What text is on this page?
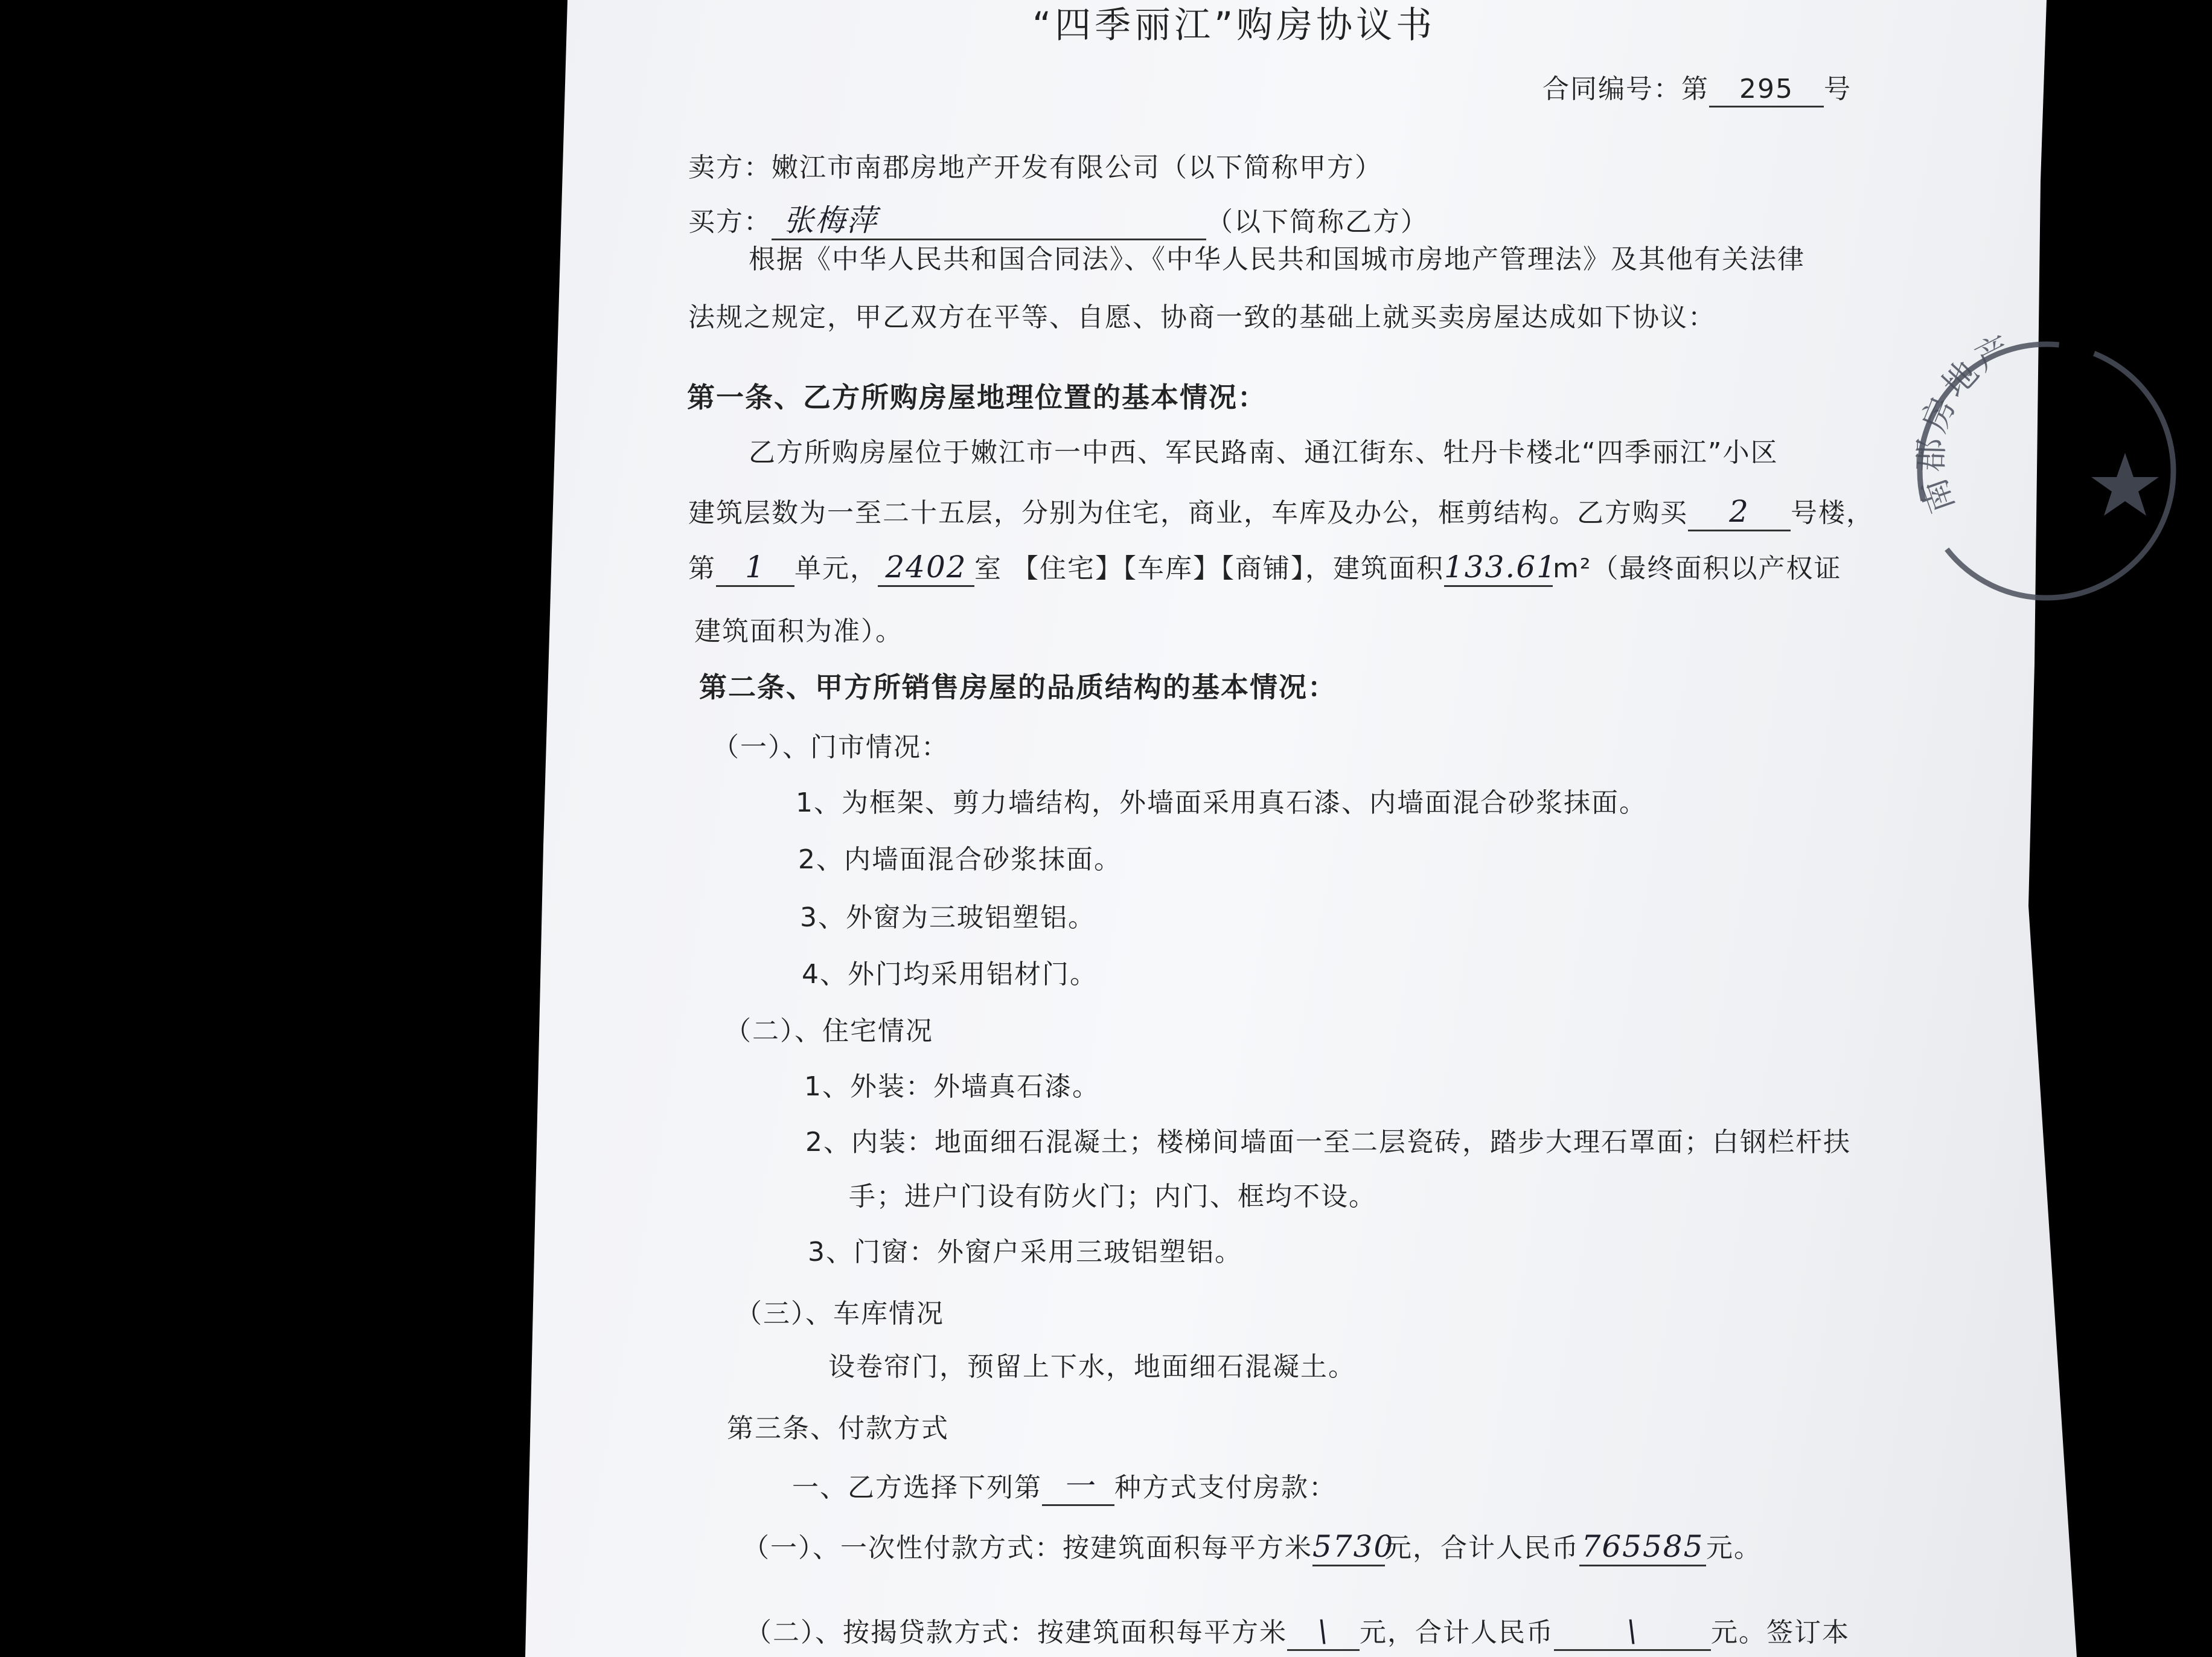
“四季丽江”购房协议书
合同编号：第 295 号
卖方：嫩江市南郡房地产开发有限公司（以下简称甲方）
买方： 张梅萍	（以下简称乙方）
根据《中华人民共和国合同法》、《中华人民共和国城市房地产管理法》及其他有关法律
法规之规定，甲乙双方在平等、自愿、协商一致的基础上就买卖房屋达成如下协议：
第一条、乙方所购房屋地理位置的基本情况：
乙方所购房屋位于嫩江市一中西、军民路南、通江街东、牡丹卡楼北“四季丽江”小区
建筑层数为一至二十五层，分别为住宅，商业，车库及办公，框剪结构。乙方购买 2 号楼，
第 1 单元， 2402 室 【住宅】【车库】【商铺】，建筑面积133.61m²（最终面积以产权证
建筑面积为准）。
第二条、甲方所销售房屋的品质结构的基本情况：
（一）、门市情况：
1、为框架、剪力墙结构，外墙面采用真石漆、内墙面混合砂浆抹面。
2、内墙面混合砂浆抹面。
3、外窗为三玻铝塑铝。
4、外门均采用铝材门。
（二）、住宅情况
1、外装：外墙真石漆。
2、内装：地面细石混凝土；楼梯间墙面一至二层瓷砖，踏步大理石罩面；白钢栏杆扶
手；进户门设有防火门；内门、框均不设。
3、门窗：外窗户采用三玻铝塑铝。
（三）、车库情况
设卷帘门，预留上下水，地面细石混凝土。
第三条、付款方式
一、乙方选择下列第 一 种方式支付房款：
（一）、一次性付款方式：按建筑面积每平方米5730元，合计人民币765585元。
（二）、按揭贷款方式：按建筑面积每平方米 \ 元，合计人民币 \	元。签订本
南郡房地产
